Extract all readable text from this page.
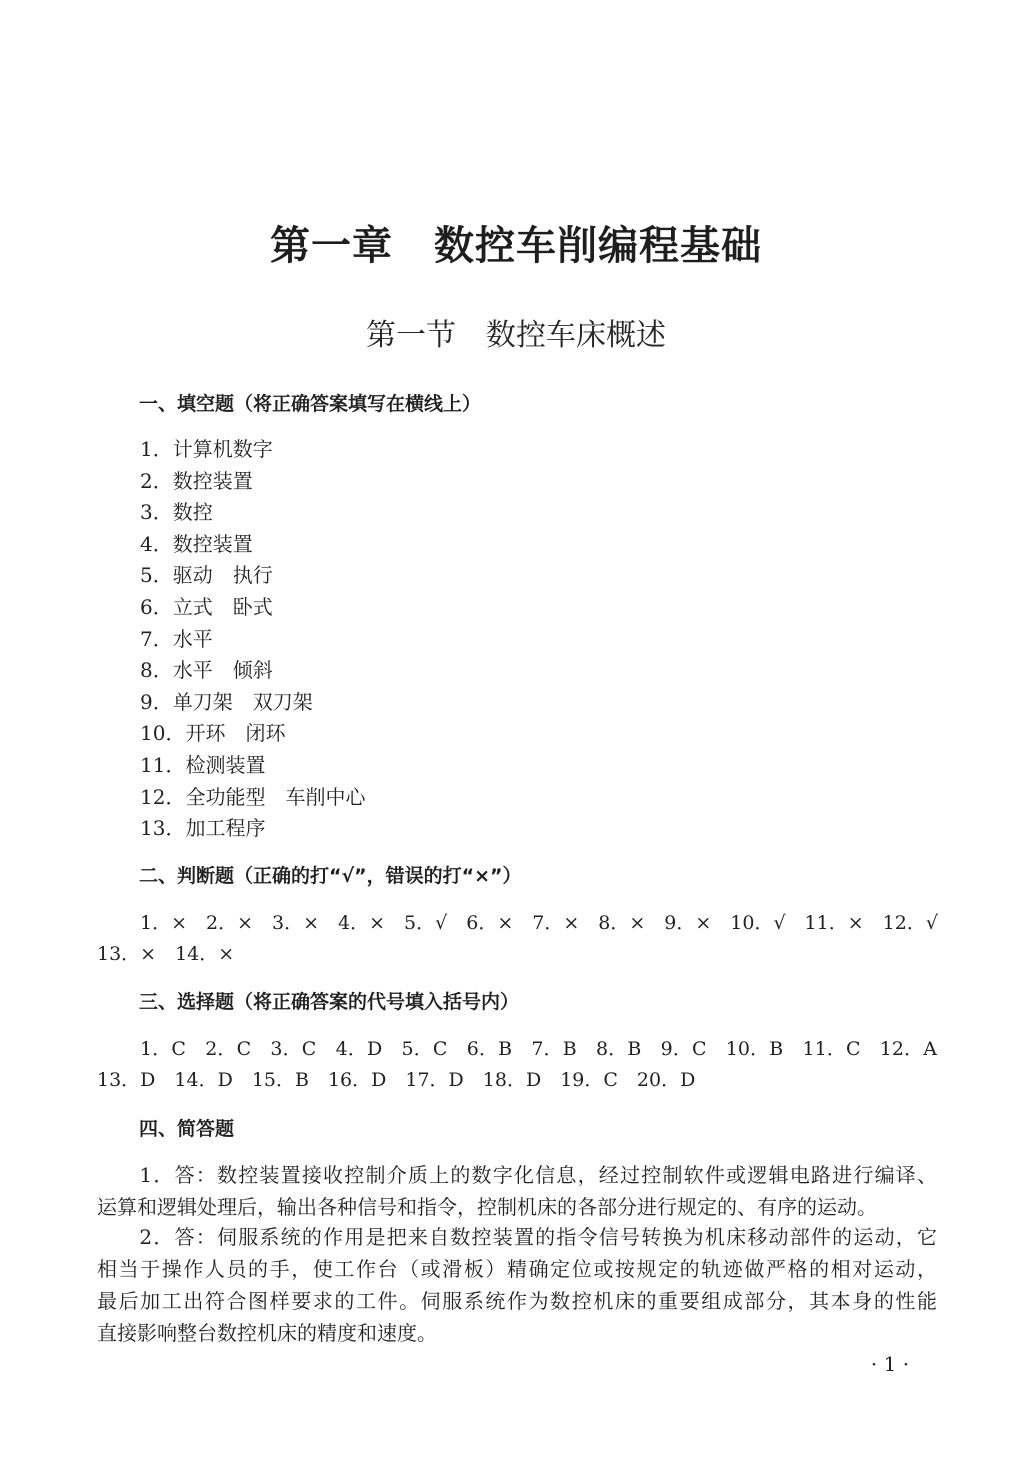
第一章　数控车削编程基础
第一节　数控车床概述
一、填空题（将正确答案填写在横线上）
1．计算机数字
2．数控装置
3．数控
4．数控装置
5．驱动　执行
6．立式　卧式
7．水平
8．水平　倾斜
9．单刀架　双刀架
10．开环　闭环
11．检测装置
12．全功能型　车削中心
13．加工程序
二、判断题（正确的打“√”，错误的打“×”）
1．×　2．×　3．×　4．×　5．√　6．×　7．×　8．×　9．×　10．√　11．×　12．√
13．×　14．×
三、选择题（将正确答案的代号填入括号内）
1．C　2．C　3．C　4．D　5．C　6．B　7．B　8．B　9．C　10．B　11．C　12．A
13．D　14．D　15．B　16．D　17．D　18．D　19．C　20．D
四、简答题
　　1．答：数控装置接收控制介质上的数字化信息，经过控制软件或逻辑电路进行编译、
运算和逻辑处理后，输出各种信号和指令，控制机床的各部分进行规定的、有序的运动。
　　2．答：伺服系统的作用是把来自数控装置的指令信号转换为机床移动部件的运动，它
相当于操作人员的手，使工作台（或滑板）精确定位或按规定的轨迹做严格的相对运动，
最后加工出符合图样要求的工件。伺服系统作为数控机床的重要组成部分，其本身的性能
直接影响整台数控机床的精度和速度。
· 1 ·
